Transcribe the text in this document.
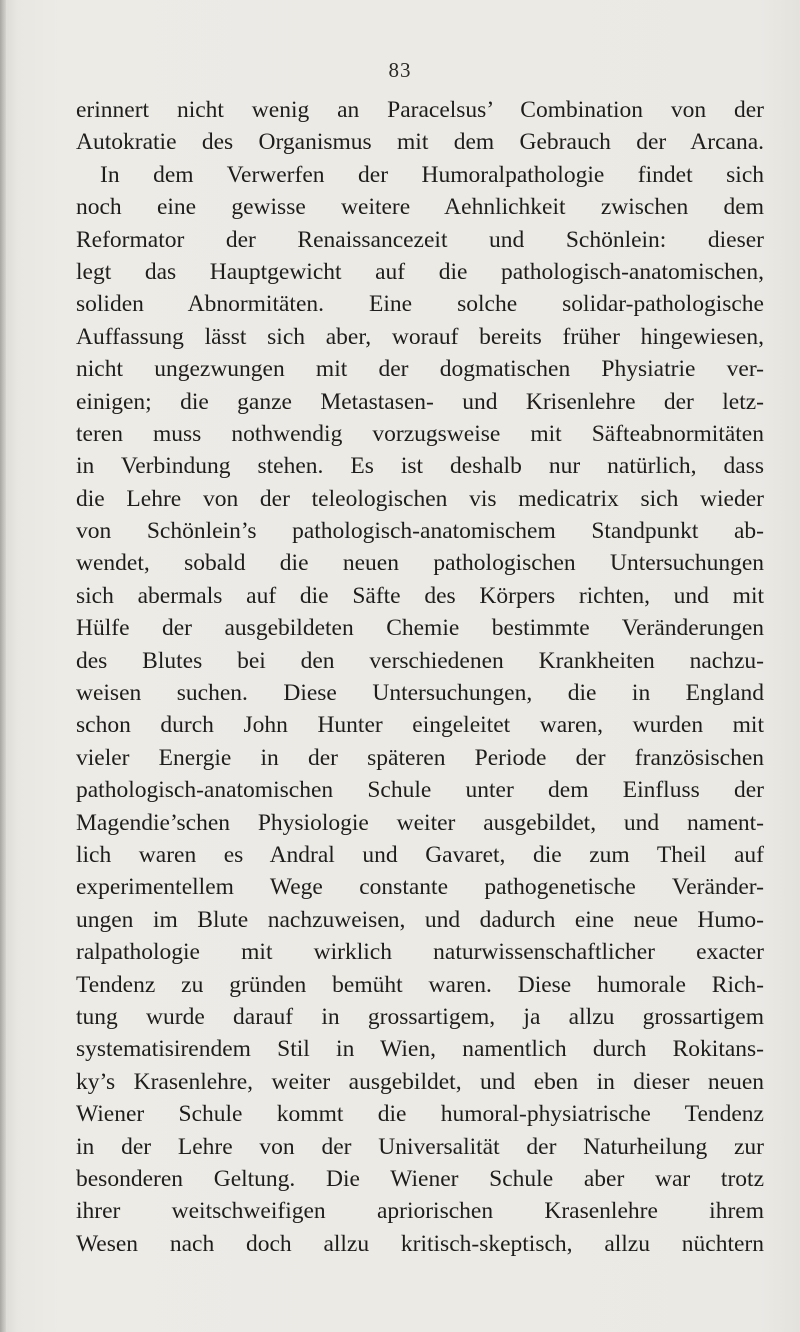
83
erinnert nicht wenig an Paracelsus’ Combination von der
Autokratie des Organismus mit dem Gebrauch der Arcana.
In dem Verwerfen der Humoralpathologie findet sich
noch eine gewisse weitere Aehnlichkeit zwischen dem
Reformator der Renaissancezeit und Schönlein: dieser
legt das Hauptgewicht auf die pathologisch-anatomischen,
soliden Abnormitäten. Eine solche solidar-pathologische
Auffassung lässt sich aber, worauf bereits früher hingewiesen,
nicht ungezwungen mit der dogmatischen Physiatrie ver-
einigen; die ganze Metastasen- und Krisenlehre der letz-
teren muss nothwendig vorzugsweise mit Säfteabnormitäten
in Verbindung stehen. Es ist deshalb nur natürlich, dass
die Lehre von der teleologischen vis medicatrix sich wieder
von Schönlein’s pathologisch-anatomischem Standpunkt ab-
wendet, sobald die neuen pathologischen Untersuchungen
sich abermals auf die Säfte des Körpers richten, und mit
Hülfe der ausgebildeten Chemie bestimmte Veränderungen
des Blutes bei den verschiedenen Krankheiten nachzu-
weisen suchen. Diese Untersuchungen, die in England
schon durch John Hunter eingeleitet waren, wurden mit
vieler Energie in der späteren Periode der französischen
pathologisch-anatomischen Schule unter dem Einfluss der
Magendie’schen Physiologie weiter ausgebildet, und nament-
lich waren es Andral und Gavaret, die zum Theil auf
experimentellem Wege constante pathogenetische Veränder-
ungen im Blute nachzuweisen, und dadurch eine neue Humo-
ralpathologie mit wirklich naturwissenschaftlicher exacter
Tendenz zu gründen bemüht waren. Diese humorale Rich-
tung wurde darauf in grossartigem, ja allzu grossartigem
systematisirendem Stil in Wien, namentlich durch Rokitans-
ky’s Krasenlehre, weiter ausgebildet, und eben in dieser neuen
Wiener Schule kommt die humoral-physiatrische Tendenz
in der Lehre von der Universalität der Naturheilung zur
besonderen Geltung. Die Wiener Schule aber war trotz
ihrer weitschweifigen apriorischen Krasenlehre ihrem
Wesen nach doch allzu kritisch-skeptisch, allzu nüchtern
